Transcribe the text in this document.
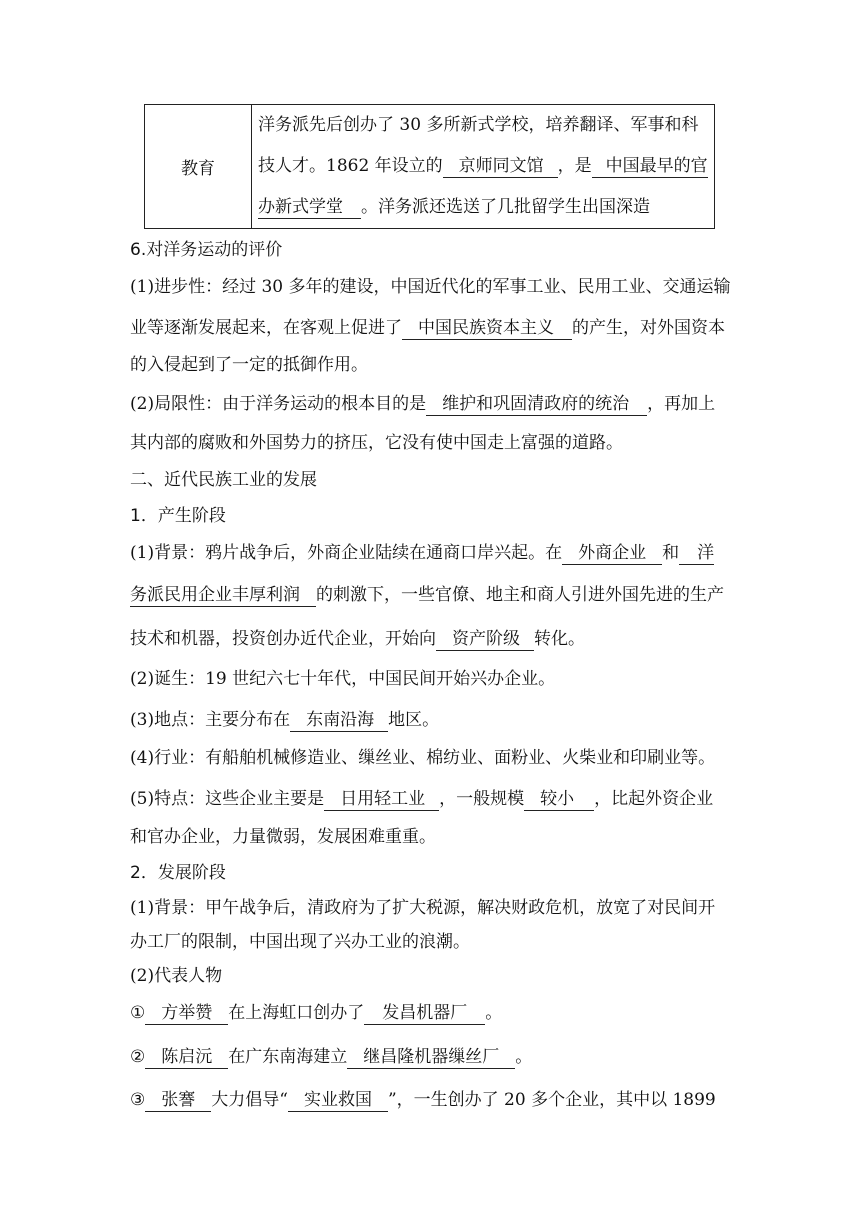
教育	
洋务派先后创办了 30 多所新式学校，培养翻译、军事和科
技人才。1862 年设立的 京师同文馆 ，是 中国最早的官
办新式学堂 。洋务派还选送了几批留学生出国深造
6.对洋务运动的评价
(1)进步性：经过 30 多年的建设，中国近代化的军事工业、民用工业、交通运输
业等逐渐发展起来，在客观上促进了 中国民族资本主义 的产生，对外国资本
的入侵起到了一定的抵御作用。
(2)局限性：由于洋务运动的根本目的是 维护和巩固清政府的统治 ，再加上
其内部的腐败和外国势力的挤压，它没有使中国走上富强的道路。
二、近代民族工业的发展
1．产生阶段
(1)背景：鸦片战争后，外商企业陆续在通商口岸兴起。在 外商企业 和 洋
务派民用企业丰厚利润 的刺激下，一些官僚、地主和商人引进外国先进的生产
技术和机器，投资创办近代企业，开始向 资产阶级 转化。
(2)诞生：19 世纪六七十年代，中国民间开始兴办企业。
(3)地点：主要分布在 东南沿海 地区。
(4)行业：有船舶机械修造业、缫丝业、棉纺业、面粉业、火柴业和印刷业等。
(5)特点：这些企业主要是 日用轻工业 ，一般规模 较小 ，比起外资企业
和官办企业，力量微弱，发展困难重重。
2．发展阶段
(1)背景：甲午战争后，清政府为了扩大税源，解决财政危机，放宽了对民间开
办工厂的限制，中国出现了兴办工业的浪潮。
(2)代表人物
① 方举赞 在上海虹口创办了 发昌机器厂 。
② 陈启沅 在广东南海建立 继昌隆机器缫丝厂 。
③ 张謇 大力倡导“ 实业救国 ”，一生创办了 20 多个企业，其中以 1899
